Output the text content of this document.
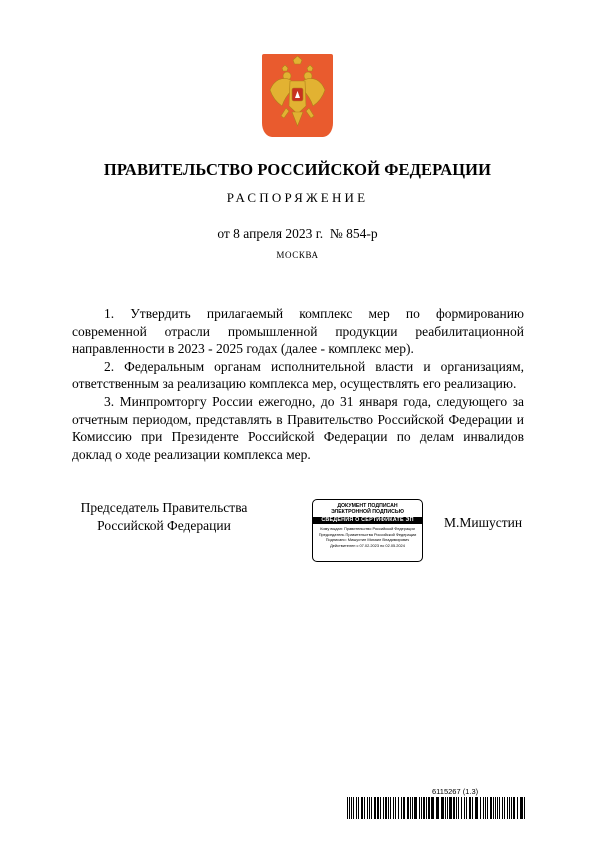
ПРАВИТЕЛЬСТВО РОССИЙСКОЙ ФЕДЕРАЦИИ
РАСПОРЯЖЕНИЕ
от 8 апреля 2023 г.  № 854-р
МОСКВА

1. Утвердить прилагаемый комплекс мер по формированию современной отрасли промышленной продукции реабилитационной направленности в 2023 - 2025 годах (далее - комплекс мер).

2. Федеральным органам исполнительной власти и организациям, ответственным за реализацию комплекса мер, осуществлять его реализацию.

3. Минпромторгу России ежегодно, до 31 января года, следующего за отчетным периодом, представлять в Правительство Российской Федерации и Комиссию при Президенте Российской Федерации по делам инвалидов доклад о ходе реализации комплекса мер.

Председатель Правительства
Российской Федерации
ДОКУМЕНТ ПОДПИСАН
ЭЛЕКТРОННОЙ ПОДПИСЬЮ
СВЕДЕНИЯ О СЕРТИФИКАТЕ ЭП
Кому выдан: Правительство Российской Федерации
Председатель Правительства Российской Федерации
Подписано: Мишустин Михаил Владимирович
Действителен с 07.02.2023 по 02.05.2024
М.Мишустин
6115267 (1.3)
